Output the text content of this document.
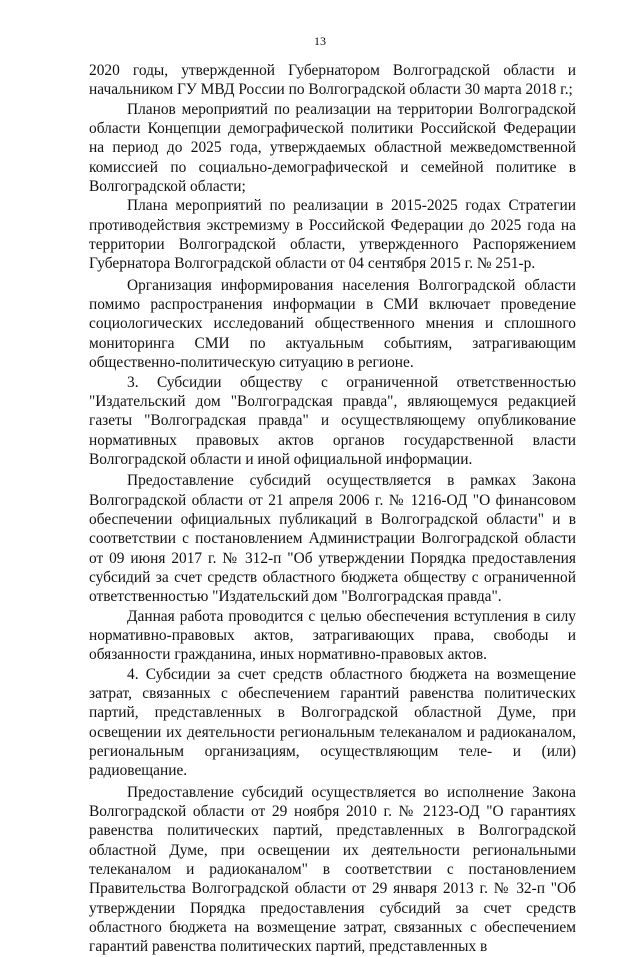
13

2020 годы, утвержденной Губернатором Волгоградской области и начальником ГУ МВД России по Волгоградской области 30 марта 2018 г.;

Планов мероприятий по реализации на территории Волгоградской области Концепции демографической политики Российской Федерации на период до 2025 года, утверждаемых областной межведомственной комиссией по социально-демографической и семейной политике в Волгоградской области;

Плана мероприятий по реализации в 2015-2025 годах Стратегии противодействия экстремизму в Российской Федерации до 2025 года на территории Волгоградской области, утвержденного Распоряжением Губернатора Волгоградской области от 04 сентября 2015 г. № 251-р.

Организация информирования населения Волгоградской области помимо распространения информации в СМИ включает проведение социологических исследований общественного мнения и сплошного мониторинга СМИ по актуальным событиям, затрагивающим общественно-политическую ситуацию в регионе.

3. Субсидии обществу с ограниченной ответственностью "Издательский дом "Волгоградская правда", являющемуся редакцией газеты "Волгоградская правда" и осуществляющему опубликование нормативных правовых актов органов государственной власти Волгоградской области и иной официальной информации.

Предоставление субсидий осуществляется в рамках Закона Волгоградской области от 21 апреля 2006 г. № 1216-ОД "О финансовом обеспечении официальных публикаций в Волгоградской области" и в соответствии с постановлением Администрации Волгоградской области от 09 июня 2017 г. № 312-п "Об утверждении Порядка предоставления субсидий за счет средств областного бюджета обществу с ограниченной ответственностью "Издательский дом "Волгоградская правда".

Данная работа проводится с целью обеспечения вступления в силу нормативно-правовых актов, затрагивающих права, свободы и обязанности гражданина, иных нормативно-правовых актов.

4. Субсидии за счет средств областного бюджета на возмещение затрат, связанных с обеспечением гарантий равенства политических партий, представленных в Волгоградской областной Думе, при освещении их деятельности региональным телеканалом и радиоканалом, региональным организациям, осуществляющим теле- и (или) радиовещание.

Предоставление субсидий осуществляется во исполнение Закона Волгоградской области от 29 ноября 2010 г. № 2123-ОД "О гарантиях равенства политических партий, представленных в Волгоградской областной Думе, при освещении их деятельности региональными телеканалом и радиоканалом" в соответствии с постановлением Правительства Волгоградской области от 29 января 2013 г. № 32-п "Об утверждении Порядка предоставления субсидий за счет средств областного бюджета на возмещение затрат, связанных с обеспечением гарантий равенства политических партий, представленных в
